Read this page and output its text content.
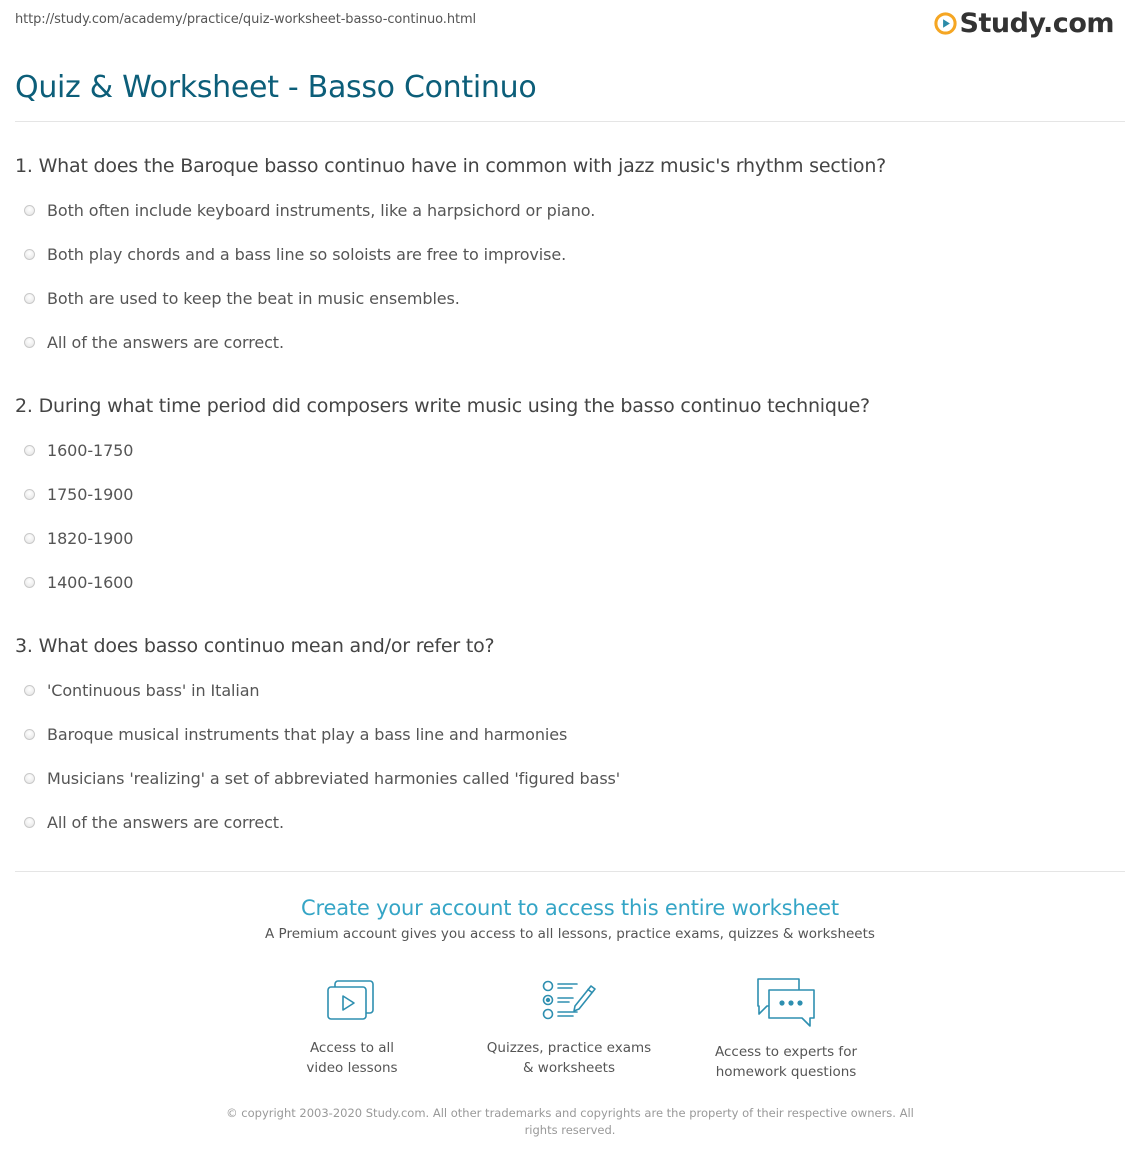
http://study.com/academy/practice/quiz-worksheet-basso-continuo.html	Study.com
Quiz & Worksheet - Basso Continuo
1. What does the Baroque basso continuo have in common with jazz music's rhythm section?
Both often include keyboard instruments, like a harpsichord or piano.
Both play chords and a bass line so soloists are free to improvise.
Both are used to keep the beat in music ensembles.
All of the answers are correct.
2. During what time period did composers write music using the basso continuo technique?
1600-1750
1750-1900
1820-1900
1400-1600
3. What does basso continuo mean and/or refer to?
'Continuous bass' in Italian
Baroque musical instruments that play a bass line and harmonies
Musicians 'realizing' a set of abbreviated harmonies called 'figured bass'
All of the answers are correct.
Create your account to access this entire worksheet
A Premium account gives you access to all lessons, practice exams, quizzes & worksheets
Access to all
video lessons
Quizzes, practice exams
& worksheets
Access to experts for
homework questions
© copyright 2003-2020 Study.com. All other trademarks and copyrights are the property of their respective owners. All rights reserved.
